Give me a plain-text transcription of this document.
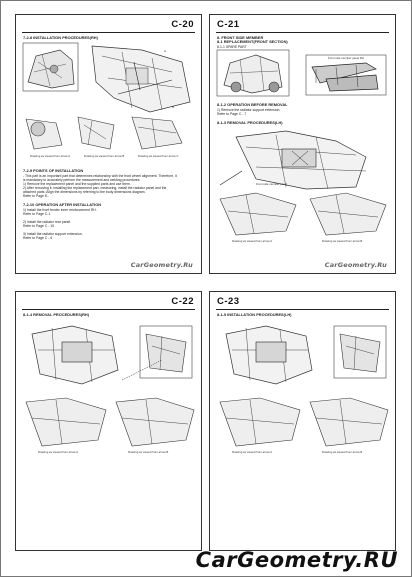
C-20
7-2-8 INSTALLATION PROCEDURES(RH)
A
B
Drawing as viewed from arrow A	Drawing as viewed from arrow B	Drawing as viewed from arrow C
7-2-9 POINTS OF INSTALLATION
- This part is an important part that determines relationship with the front wheel alignment. Therefore, it
is mandatory to accurately perform the measurement and welding procedures.
1) Remove the replacement panel and the supplied parts and use them.
2) After removing it, installing the replacement part, measuring, install the radiator panel and the
attached parts. Align the dimensions by referring to the body dimensions diagram.
Refer to Page E-.
7-2-10 OPERATION AFTER INSTALLATION
1) Install the front fender inner reinforcement RH.
Refer to Page C-1
2) Install the radiator rear panel.
Refer to Page C - 10
3) Install the radiator support extension.
Refer to Page C - 6
CarGeometry.Ru
C-21
8. FRONT SIDE MEMBER
8-1 REPLACEMENT(FRONT SECTION)
8-1-1 SPARE PART
Front side member panel RH
8-1-2 OPERATION BEFORE REMOVAL
1) Remove the radiator support extension.
Refer to Page C - 7
8-1-3 REMOVAL PROCEDURES(LH)
Front side member panel
Drawing as viewed from arrow A	Drawing as viewed from arrow B
CarGeometry.Ru
C-22
8-1-4 REMOVAL PROCEDURES(RH)
Drawing as viewed from arrow A	Drawing as viewed from arrow B
C-23
8-1-5 INSTALLATION PROCEDURES(LH)
Drawing as viewed from arrow A	Drawing as viewed from arrow B
CarGeometry.RU
